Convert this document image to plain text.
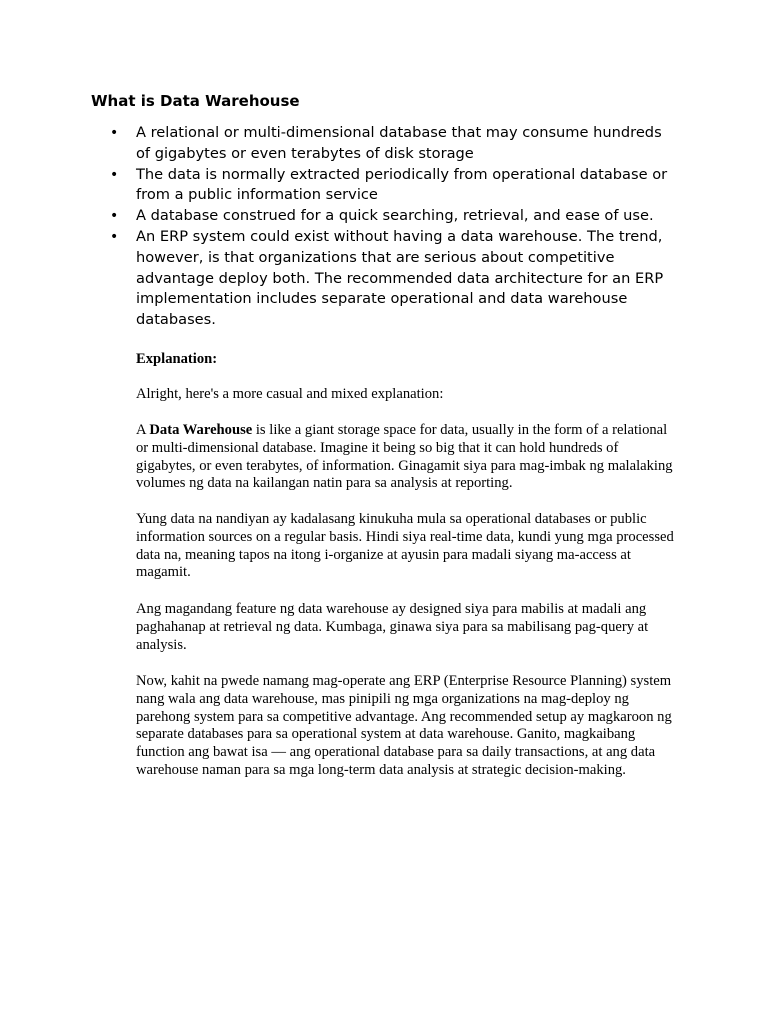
What is Data Warehouse
•	A relational or multi-dimensional database that may consume hundreds of gigabytes or even terabytes of disk storage
•	The data is normally extracted periodically from operational database or from a public information service
•	A database construed for a quick searching, retrieval, and ease of use.
•	An ERP system could exist without having a data warehouse. The trend, however, is that organizations that are serious about competitive advantage deploy both. The recommended data architecture for an ERP implementation includes separate operational and data warehouse databases.

Explanation:

Alright, here's a more casual and mixed explanation:

A Data Warehouse is like a giant storage space for data, usually in the form of a relational or multi-dimensional database. Imagine it being so big that it can hold hundreds of gigabytes, or even terabytes, of information. Ginagamit siya para mag-imbak ng malalaking volumes ng data na kailangan natin para sa analysis at reporting.

Yung data na nandiyan ay kadalasang kinukuha mula sa operational databases or public information sources on a regular basis. Hindi siya real-time data, kundi yung mga processed data na, meaning tapos na itong i-organize at ayusin para madali siyang ma-access at magamit.

Ang magandang feature ng data warehouse ay designed siya para mabilis at madali ang paghahanap at retrieval ng data. Kumbaga, ginawa siya para sa mabilisang pag-query at analysis.

Now, kahit na pwede namang mag-operate ang ERP (Enterprise Resource Planning) system nang wala ang data warehouse, mas pinipili ng mga organizations na mag-deploy ng parehong system para sa competitive advantage. Ang recommended setup ay magkaroon ng separate databases para sa operational system at data warehouse. Ganito, magkaibang function ang bawat isa — ang operational database para sa daily transactions, at ang data warehouse naman para sa mga long-term data analysis at strategic decision-making.
